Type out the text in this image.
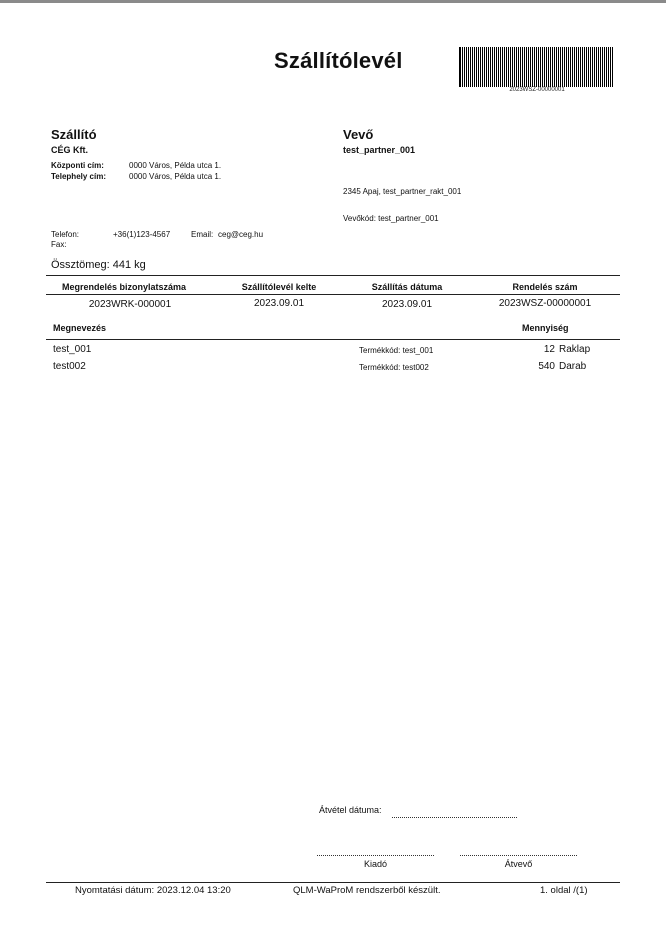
Szállítólevél
2023WSZ-00000001
Szállító
CÉG Kft.
Központi cím:	0000 Város, Példa utca 1.
Telephely cím:	0000 Város, Példa utca 1.
Telefon:	+36(1)123-4567	Email: ceg@ceg.hu
Fax:
Vevő
test_partner_001
2345 Apaj, test_partner_rakt_001
Vevőkód: test_partner_001
Össztömeg: 441 kg
Megrendelés bizonylatszáma	Szállítólevél kelte	Szállítás dátuma	Rendelés szám
2023WRK-000001	2023.09.01	2023.09.01	2023WSZ-00000001
Megnevezés	Mennyiség
test_001	Termékkód: test_001	12 Raklap
test002	Termékkód: test002	540 Darab
Átvétel dátuma:
Kiadó	Átvevő
Nyomtatási dátum: 2023.12.04 13:20	QLM-WaProM rendszerből készült.	1. oldal /(1)
